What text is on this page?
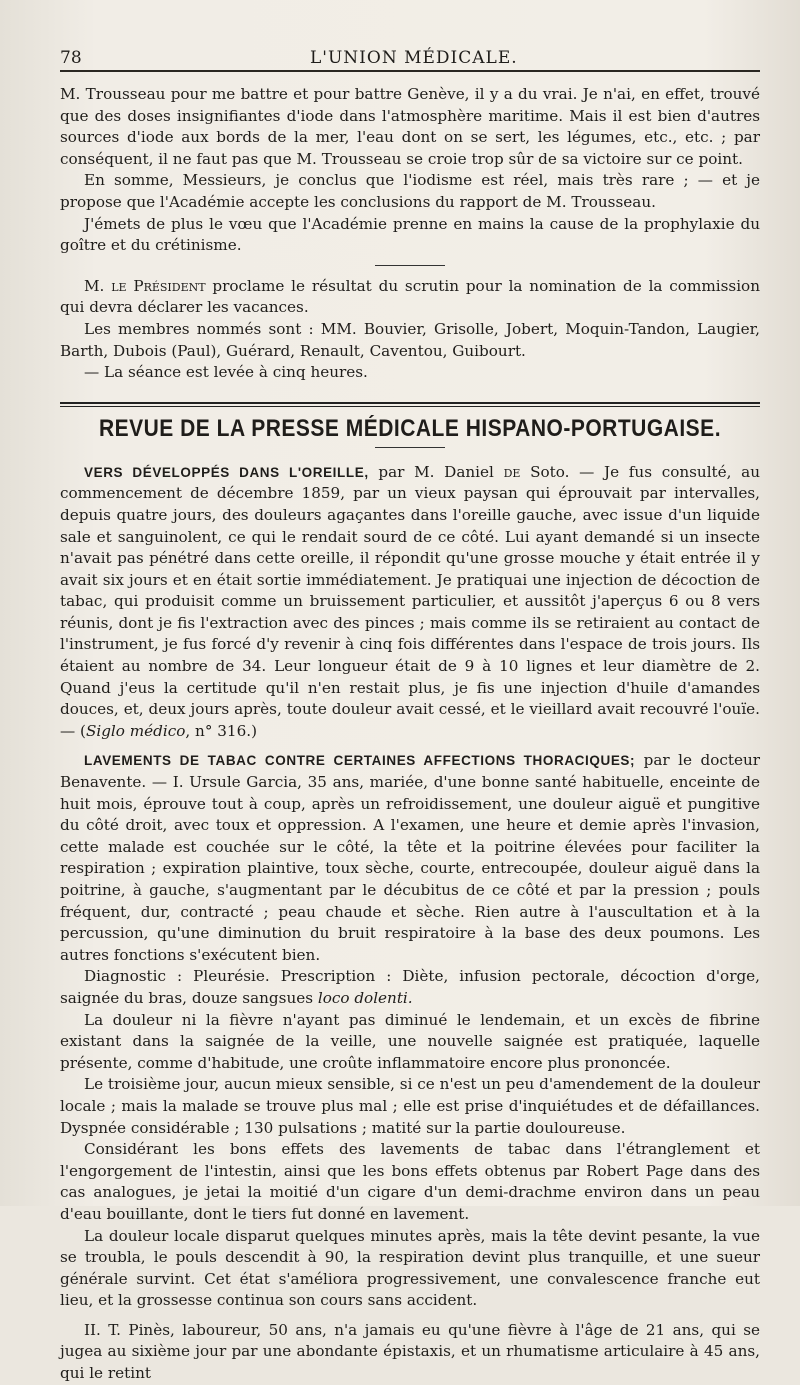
78	L'UNION MÉDICALE.

M. Trousseau pour me battre et pour battre Genève, il y a du vrai. Je n'ai, en effet, trouvé que des doses insignifiantes d'iode dans l'atmosphère maritime. Mais il est bien d'autres sources d'iode aux bords de la mer, l'eau dont on se sert, les légumes, etc., etc. ; par conséquent, il ne faut pas que M. Trousseau se croie trop sûr de sa victoire sur ce point.

En somme, Messieurs, je conclus que l'iodisme est réel, mais très rare ; — et je propose que l'Académie accepte les conclusions du rapport de M. Trousseau.

J'émets de plus le vœu que l'Académie prenne en mains la cause de la prophylaxie du goître et du crétinisme.

M. le Président proclame le résultat du scrutin pour la nomination de la commission qui devra déclarer les vacances.

Les membres nommés sont : MM. Bouvier, Grisolle, Jobert, Moquin-Tandon, Laugier, Barth, Dubois (Paul), Guérard, Renault, Caventou, Guibourt.

— La séance est levée à cinq heures.

REVUE DE LA PRESSE MÉDICALE HISPANO-PORTUGAISE.

VERS DÉVELOPPÉS DANS L'OREILLE, par M. Daniel de Soto. — Je fus consulté, au commencement de décembre 1859, par un vieux paysan qui éprouvait par intervalles, depuis quatre jours, des douleurs agaçantes dans l'oreille gauche, avec issue d'un liquide sale et sanguinolent, ce qui le rendait sourd de ce côté. Lui ayant demandé si un insecte n'avait pas pénétré dans cette oreille, il répondit qu'une grosse mouche y était entrée il y avait six jours et en était sortie immédiatement. Je pratiquai une injection de décoction de tabac, qui produisit comme un bruissement particulier, et aussitôt j'aperçus 6 ou 8 vers réunis, dont je fis l'extraction avec des pinces ; mais comme ils se retiraient au contact de l'instrument, je fus forcé d'y revenir à cinq fois différentes dans l'espace de trois jours. Ils étaient au nombre de 34. Leur longueur était de 9 à 10 lignes et leur diamètre de 2. Quand j'eus la certitude qu'il n'en restait plus, je fis une injection d'huile d'amandes douces, et, deux jours après, toute douleur avait cessé, et le vieillard avait recouvré l'ouïe. — (Siglo médico, n° 316.)

LAVEMENTS DE TABAC CONTRE CERTAINES AFFECTIONS THORACIQUES; par le docteur Benavente. — I. Ursule Garcia, 35 ans, mariée, d'une bonne santé habituelle, enceinte de huit mois, éprouve tout à coup, après un refroidissement, une douleur aiguë et pungitive du côté droit, avec toux et oppression. A l'examen, une heure et demie après l'invasion, cette malade est couchée sur le côté, la tête et la poitrine élevées pour faciliter la respiration ; expiration plaintive, toux sèche, courte, entrecoupée, douleur aiguë dans la poitrine, à gauche, s'augmentant par le décubitus de ce côté et par la pression ; pouls fréquent, dur, contracté ; peau chaude et sèche. Rien autre à l'auscultation et à la percussion, qu'une diminution du bruit respiratoire à la base des deux poumons. Les autres fonctions s'exécutent bien.

Diagnostic : Pleurésie. Prescription : Diète, infusion pectorale, décoction d'orge, saignée du bras, douze sangsues loco dolenti.

La douleur ni la fièvre n'ayant pas diminué le lendemain, et un excès de fibrine existant dans la saignée de la veille, une nouvelle saignée est pratiquée, laquelle présente, comme d'habitude, une croûte inflammatoire encore plus prononcée.

Le troisième jour, aucun mieux sensible, si ce n'est un peu d'amendement de la douleur locale ; mais la malade se trouve plus mal ; elle est prise d'inquiétudes et de défaillances. Dyspnée considérable ; 130 pulsations ; matité sur la partie douloureuse.

Considérant les bons effets des lavements de tabac dans l'étranglement et l'engorgement de l'intestin, ainsi que les bons effets obtenus par Robert Page dans des cas analogues, je jetai la moitié d'un cigare d'un demi-drachme environ dans un peau d'eau bouillante, dont le tiers fut donné en lavement.

La douleur locale disparut quelques minutes après, mais la tête devint pesante, la vue se troubla, le pouls descendit à 90, la respiration devint plus tranquille, et une sueur générale survint. Cet état s'améliora progressivement, une convalescence franche eut lieu, et la grossesse continua son cours sans accident.

II. T. Pinès, laboureur, 50 ans, n'a jamais eu qu'une fièvre à l'âge de 21 ans, qui se jugea au sixième jour par une abondante épistaxis, et un rhumatisme articulaire à 45 ans, qui le retint
